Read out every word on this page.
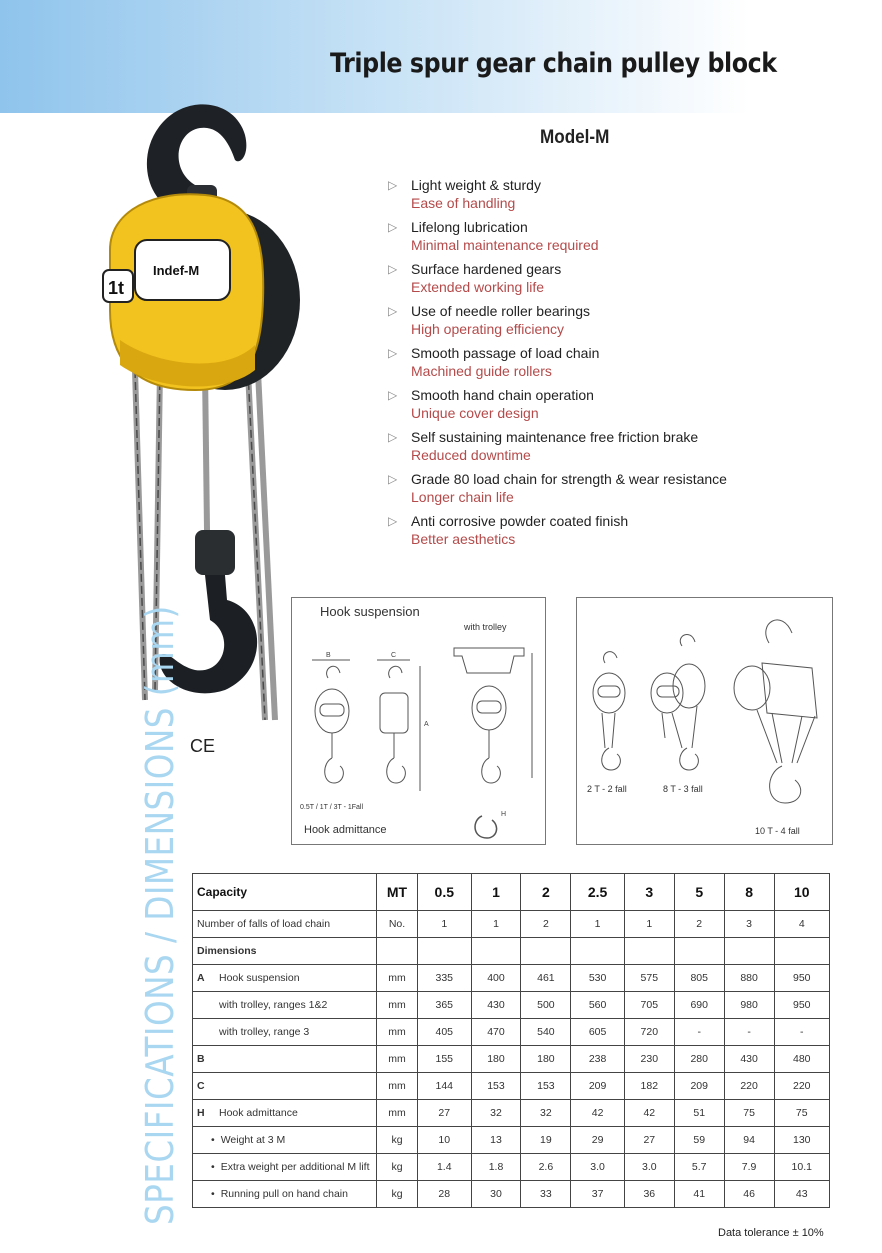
Triple spur gear chain pulley block
Model-M
1t
Indef-M
CE
▷ Light weight & sturdy
Ease of handling
▷ Lifelong lubrication
Minimal maintenance required
▷ Surface hardened gears
Extended working life
▷ Use of needle roller bearings
High operating efficiency
▷ Smooth passage of load chain
Machined guide rollers
▷ Smooth hand chain operation
Unique cover design
▷ Self sustaining maintenance free friction brake
Reduced downtime
▷ Grade 80 load chain for strength & wear resistance
Longer chain life
▷ Anti corrosive powder coated finish
Better aesthetics
Hook suspension
with trolley
B	C
A
H
0.5T / 1T / 3T - 1Fall
Hook admittance
2 T - 2 fall	8 T - 3 fall
10 T - 4 fall
SPECIFICATIONS / DIMENSIONS (mm) Capacity	MT	0.5	1	2	2.5	3	5	8	10
Number of falls of load chain	No.	1	1	2	1	1	2	3	4
Dimensions									
A Hook suspension	mm	335	400	461	530	575	805	880	950
with trolley, ranges 1&2	mm	365	430	500	560	705	690	980	950
with trolley, range 3	mm	405	470	540	605	720	-	-	-
B	mm	155	180	180	238	230	280	430	480
C	mm	144	153	153	209	182	209	220	220
H Hook admittance	mm	27	32	32	42	42	51	75	75
• Weight at 3 M	kg	10	13	19	29	27	59	94	130
• Extra weight per additional M lift	kg	1.4	1.8	2.6	3.0	3.0	5.7	7.9	10.1
• Running pull on hand chain	kg	28	30	33	37	36	41	46	43
Data tolerance ± 10%
